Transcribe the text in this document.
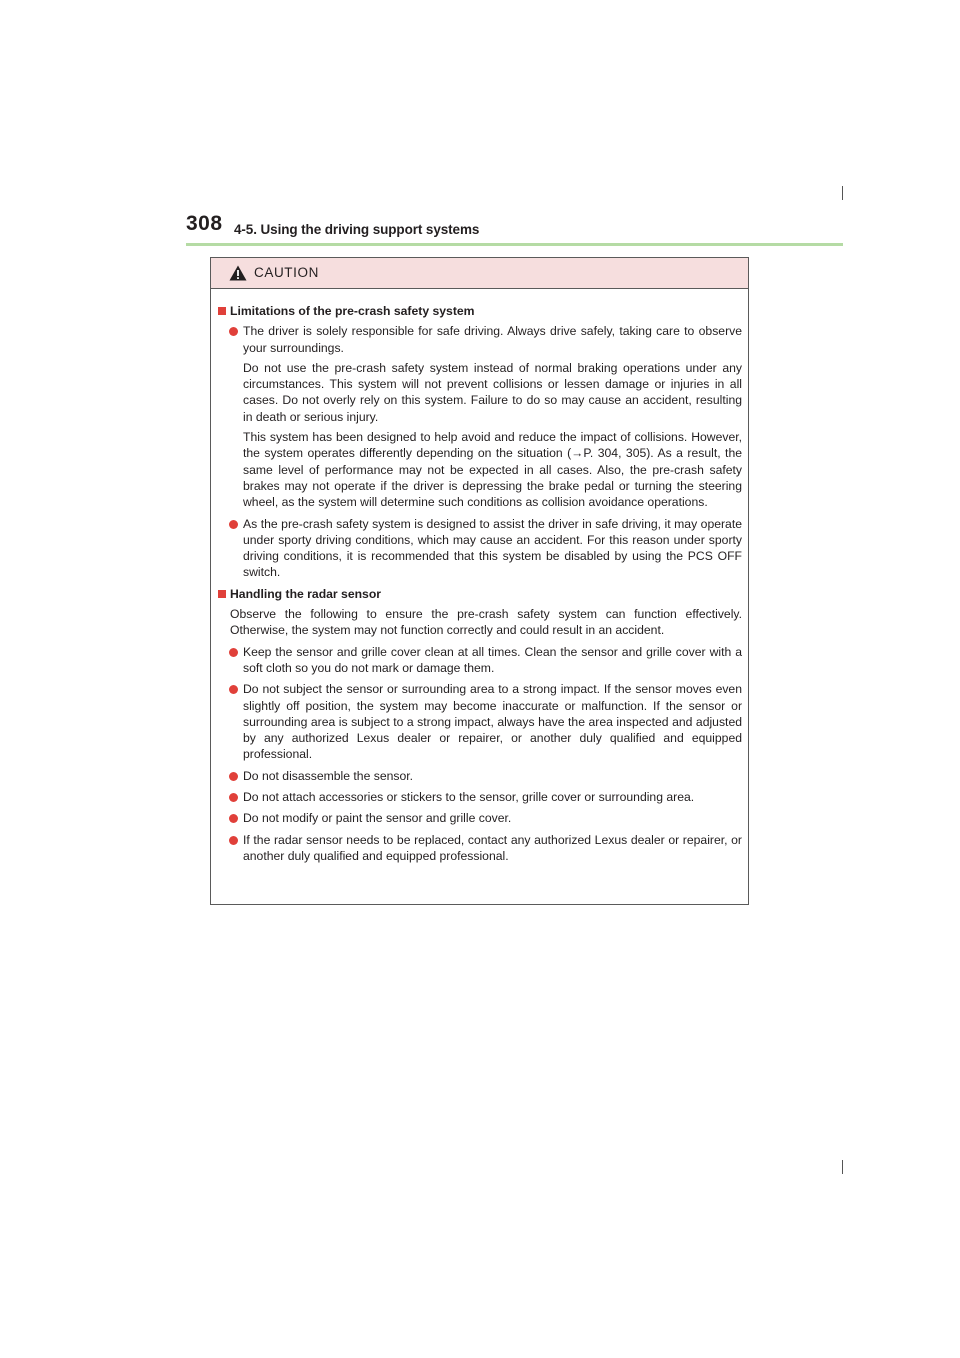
308 4-5. Using the driving support systems
CAUTION
Limitations of the pre-crash safety system

The driver is solely responsible for safe driving. Always drive safely, taking care to observe your surroundings.

Do not use the pre-crash safety system instead of normal braking operations under any circumstances. This system will not prevent collisions or lessen damage or injuries in all cases. Do not overly rely on this system. Failure to do so may cause an accident, resulting in death or serious injury.

This system has been designed to help avoid and reduce the impact of collisions. However, the system operates differently depending on the situation (→P. 304, 305). As a result, the same level of performance may not be expected in all cases. Also, the pre-crash safety brakes may not operate if the driver is depressing the brake pedal or turning the steering wheel, as the system will determine such conditions as collision avoidance operations.

As the pre-crash safety system is designed to assist the driver in safe driving, it may operate under sporty driving conditions, which may cause an accident. For this reason under sporty driving conditions, it is recommended that this system be disabled by using the PCS OFF switch.

Handling the radar sensor

Observe the following to ensure the pre-crash safety system can function effectively. Otherwise, the system may not function correctly and could result in an accident.

Keep the sensor and grille cover clean at all times. Clean the sensor and grille cover with a soft cloth so you do not mark or damage them.

Do not subject the sensor or surrounding area to a strong impact. If the sensor moves even slightly off position, the system may become inaccurate or malfunction. If the sensor or surrounding area is subject to a strong impact, always have the area inspected and adjusted by any authorized Lexus dealer or repairer, or another duly qualified and equipped professional.

Do not disassemble the sensor.

Do not attach accessories or stickers to the sensor, grille cover or surrounding area.

Do not modify or paint the sensor and grille cover.

If the radar sensor needs to be replaced, contact any authorized Lexus dealer or repairer, or another duly qualified and equipped professional.
